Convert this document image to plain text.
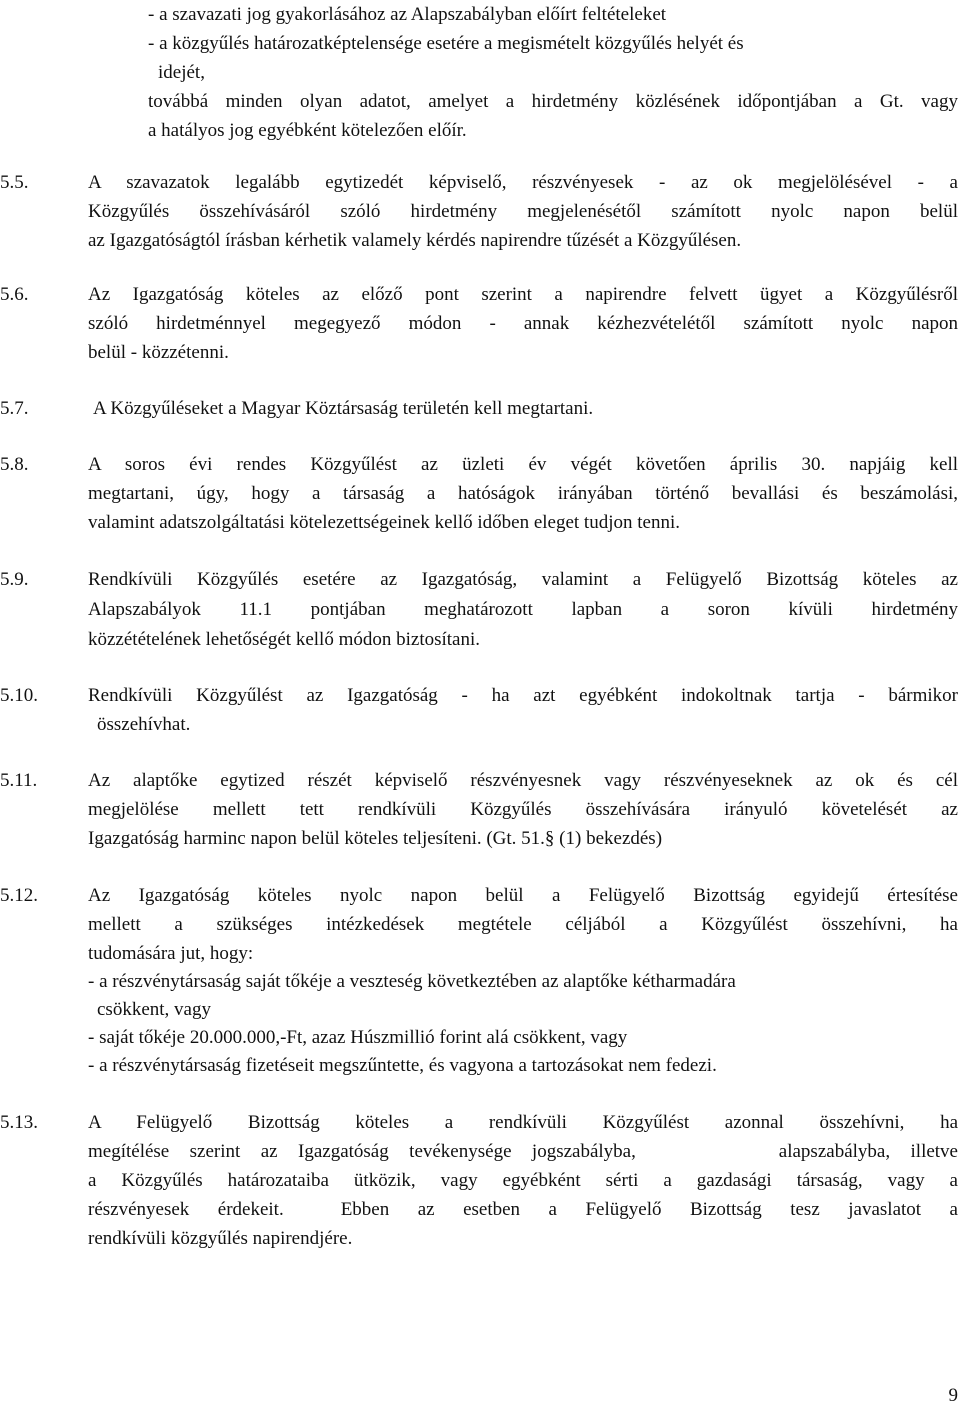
- a szavazati jog gyakorlásához az Alapszabályban előírt feltételeket
- a közgyűlés határozatképtelensége esetére a megismételt közgyűlés helyét és
idejét,
továbbá minden olyan adatot, amelyet a hirdetmény közlésének időpontjában a Gt. vagy
a hatályos jog egyébként kötelezően előír.
5.5.	A szavazatok legalább egytizedét képviselő, részvényesek - az ok megjelölésével - a
Közgyűlés összehívásáról szóló hirdetmény megjelenésétől számított nyolc napon belül
az Igazgatóságtól írásban kérhetik valamely kérdés napirendre tűzését a Közgyűlésen.
5.6.	Az Igazgatóság köteles az előző pont szerint a napirendre felvett ügyet a Közgyűlésről
szóló hirdetménnyel megegyező módon - annak kézhezvételétől számított nyolc napon
belül - közzétenni.
5.7.	A Közgyűléseket a Magyar Köztársaság területén kell megtartani.
5.8.	A soros évi rendes Közgyűlést az üzleti év végét követően április 30. napjáig kell
megtartani, úgy, hogy a társaság a hatóságok irányában történő bevallási és beszámolási,
valamint adatszolgáltatási kötelezettségeinek kellő időben eleget tudjon tenni.
5.9.	Rendkívüli Közgyűlés esetére az Igazgatóság, valamint a Felügyelő Bizottság köteles az
Alapszabályok 11.1 pontjában meghatározott lapban a soron kívüli hirdetmény
közzétételének lehetőségét kellő módon biztosítani.
5.10.	Rendkívüli Közgyűlést az Igazgatóság - ha azt egyébként indokoltnak tartja - bármikor
összehívhat.
5.11.	Az alaptőke egytized részét képviselő részvényesnek vagy részvényeseknek az ok és cél
megjelölése mellett tett rendkívüli Közgyűlés összehívására irányuló követelését az
Igazgatóság harminc napon belül köteles teljesíteni. (Gt. 51.§ (1) bekezdés)
5.12.	Az Igazgatóság köteles nyolc napon belül a Felügyelő Bizottság egyidejű értesítése
mellett a szükséges intézkedések megtétele céljából a Közgyűlést összehívni, ha
tudomására jut, hogy:
- a részvénytársaság saját tőkéje a veszteség következtében az alaptőke kétharmadára
csökkent, vagy
- saját tőkéje 20.000.000,-Ft, azaz Húszmillió forint alá csökkent, vagy
- a részvénytársaság fizetéseit megszűntette, és vagyona a tartozásokat nem fedezi.
5.13.	A Felügyelő Bizottság köteles a rendkívüli Közgyűlést azonnal összehívni, ha
megítélése szerint az Igazgatóság tevékenysége jogszabályba,       alapszabályba, illetve
a Közgyűlés határozataiba ütközik, vagy egyébként sérti a gazdasági társaság, vagy a
részvényesek érdekeit.  Ebben az esetben a Felügyelő Bizottság tesz javaslatot a
rendkívüli közgyűlés napirendjére.
9
